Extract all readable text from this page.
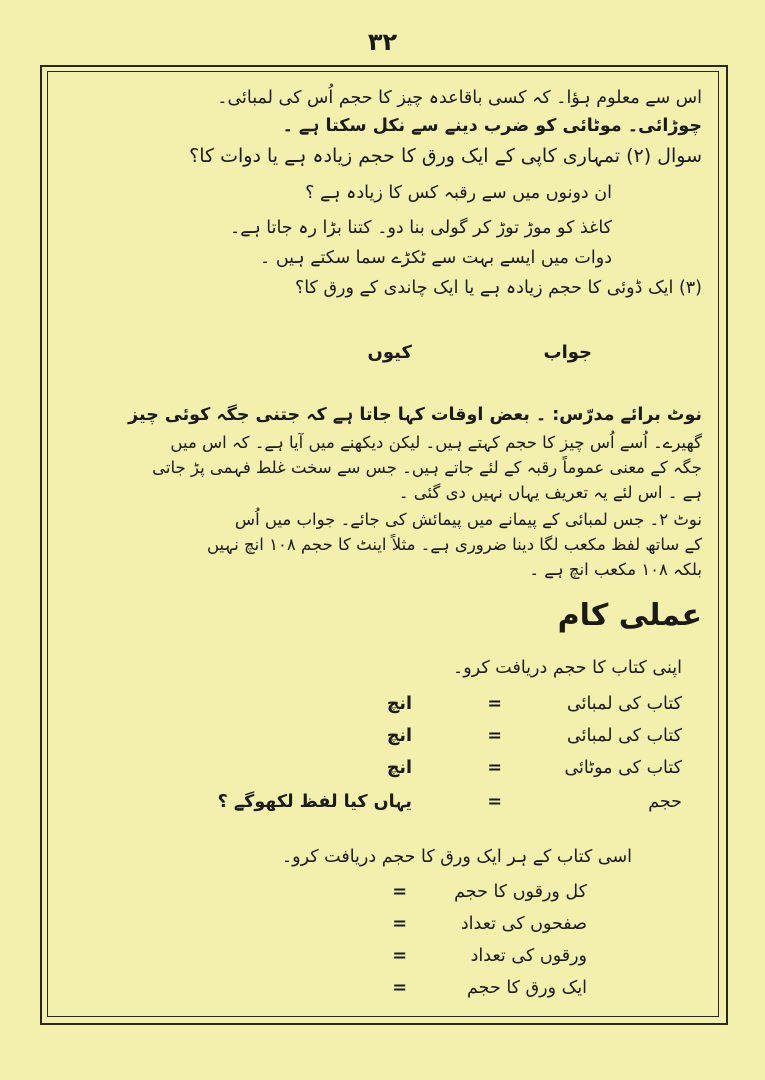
۳۲
اس سے معلوم ہؤا۔ کہ کسی باقاعدہ چیز کا حجم اُس کی لمبائی۔
چوڑائی۔ موٹائی کو ضرب دینے سے نکل سکتا ہے ۔
سوال (۲) تمہاری کاپی کے ایک ورق کا حجم زیادہ ہے یا دوات کا؟
ان دونوں میں سے رقبہ کس کا زیادہ ہے ؟
کاغذ کو موڑ توڑ کر گولی بنا دو۔ کتنا بڑا رہ جاتا ہے۔
دوات میں ایسے بہت سے ٹکڑے سما سکتے ہیں ۔
(۳) ایک ڈوئی کا حجم زیادہ ہے یا ایک چاندی کے ورق کا؟
جواب
کیوں
نوٹ برائے مدرّس: ۔ بعض اوقات کہا جاتا ہے کہ جتنی جگہ کوئی چیز
گھیرے۔ اُسے اُس چیز کا حجم کہتے ہیں۔ لیکن دیکھنے میں آیا ہے۔ کہ اس میں
جگہ کے معنی عموماً رقبہ کے لئے جاتے ہیں۔ جس سے سخت غلط فہمی پڑ جاتی
ہے ۔ اس لئے یہ تعریف یہاں نہیں دی گئی ۔
نوٹ ۲۔ جس لمبائی کے پیمانے میں پیمائش کی جائے۔ جواب میں اُس
کے ساتھ لفظ مکعب لگا دینا ضروری ہے۔ مثلاً اینٹ کا حجم ۱۰۸ انچ نہیں
بلکہ ۱۰۸ مکعب انچ ہے ۔
عملی کام
اپنی کتاب کا حجم دریافت کرو۔
کتاب کی لمبائی
=
انچ
کتاب کی لمبائی
=
انچ
کتاب کی موٹائی
=
انچ
حجم
=
یہاں کیا لفظ لکھوگے ؟
اسی کتاب کے ہر ایک ورق کا حجم دریافت کرو۔
کل ورقوں کا حجم
=
صفحوں کی تعداد
=
ورقوں کی تعداد
=
ایک ورق کا حجم
=
